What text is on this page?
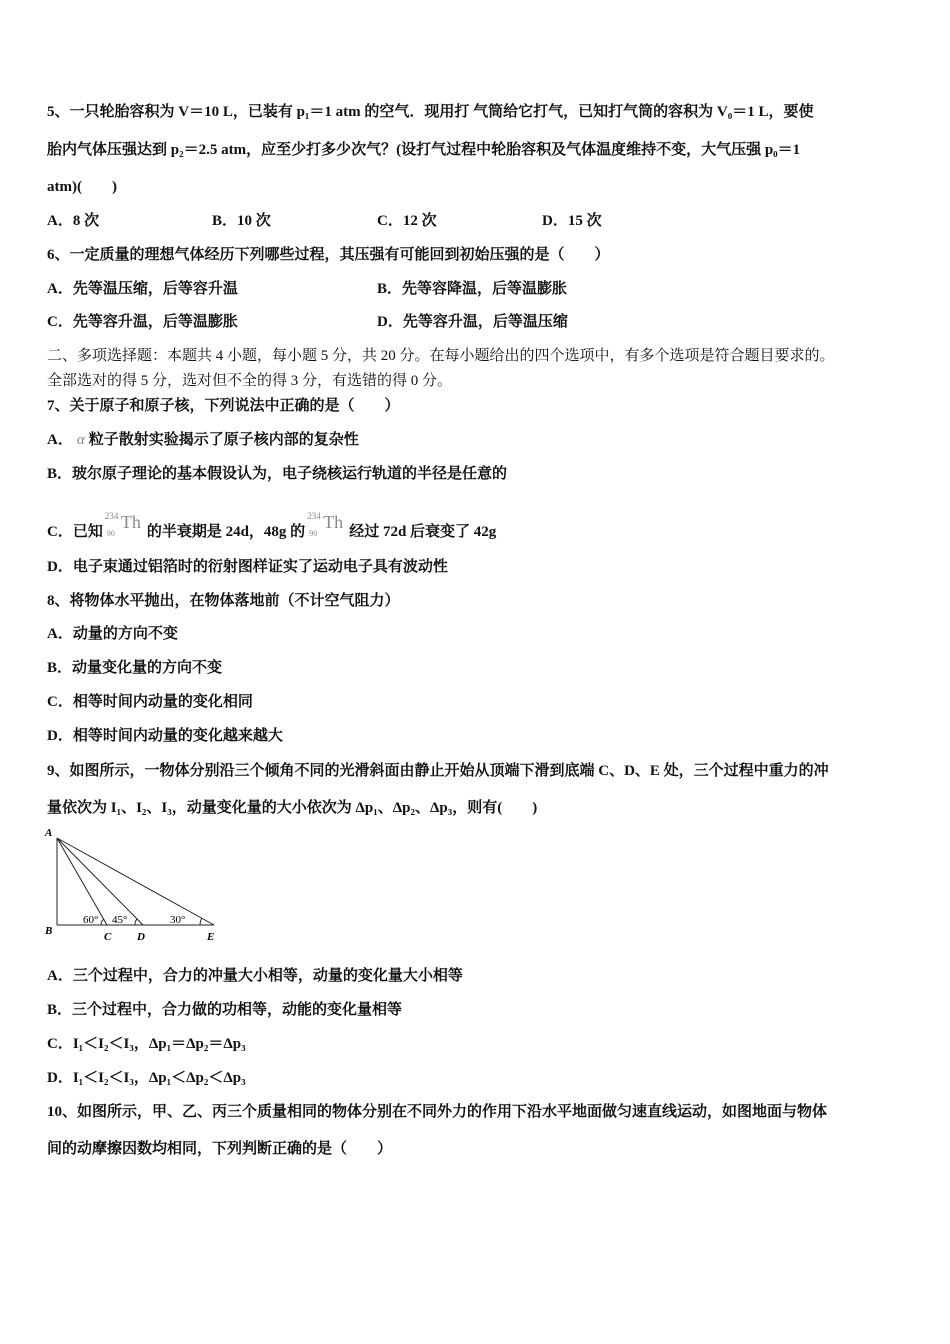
5、一只轮胎容积为 V＝10 L，已装有 p₁＝1 atm 的空气．现用打 气筒给它打气，已知打气筒的容积为 V₀＝1 L，要使
胎内气体压强达到 p₂＝2.5 atm，应至少打多少次气？(设打气过程中轮胎容积及气体温度维持不变，大气压强 p₀＝1
atm)(　　)
A．8 次	B．10 次	C．12 次	D．15 次
6、一定质量的理想气体经历下列哪些过程，其压强有可能回到初始压强的是（　　）
A．先等温压缩，后等容升温	B．先等容降温，后等温膨胀
C．先等容升温，后等温膨胀	D．先等容升温，后等温压缩
二、多项选择题：本题共 4 小题，每小题 5 分，共 20 分。在每小题给出的四个选项中，有多个选项是符合题目要求的。
全部选对的得 5 分，选对但不全的得 3 分，有选错的得 0 分。
7、关于原子和原子核，下列说法中正确的是（　　）
A． α 粒子散射实验揭示了原子核内部的复杂性
B．玻尔原子理论的基本假设认为，电子绕核运行轨道的半径是任意的
C．已知
234
90
Th 的半衰期是 24d，48g 的
234
90
Th 经过 72d 后衰变了 42g
D．电子束通过铝箔时的衍射图样证实了运动电子具有波动性
8、将物体水平抛出，在物体落地前（不计空气阻力）
A．动量的方向不变
B．动量变化量的方向不变
C．相等时间内动量的变化相同
D．相等时间内动量的变化越来越大
9、如图所示，一物体分别沿三个倾角不同的光滑斜面由静止开始从顶端下滑到底端 C、D、E 处，三个过程中重力的冲
量依次为 I₁、I₂、I₃，动量变化量的大小依次为 Δp₁、Δp₂、Δp₃，则有(　　)
A
B	C D	E
60° 45°	30°
A．三个过程中，合力的冲量大小相等，动量的变化量大小相等
B．三个过程中，合力做的功相等，动能的变化量相等
C．I₁＜I₂＜I₃，Δp₁＝Δp₂＝Δp₃
D．I₁＜I₂＜I₃，Δp₁＜Δp₂＜Δp₃
10、如图所示，甲、乙、丙三个质量相同的物体分别在不同外力的作用下沿水平地面做匀速直线运动，如图地面与物体
间的动摩擦因数均相同，下列判断正确的是（　　）
